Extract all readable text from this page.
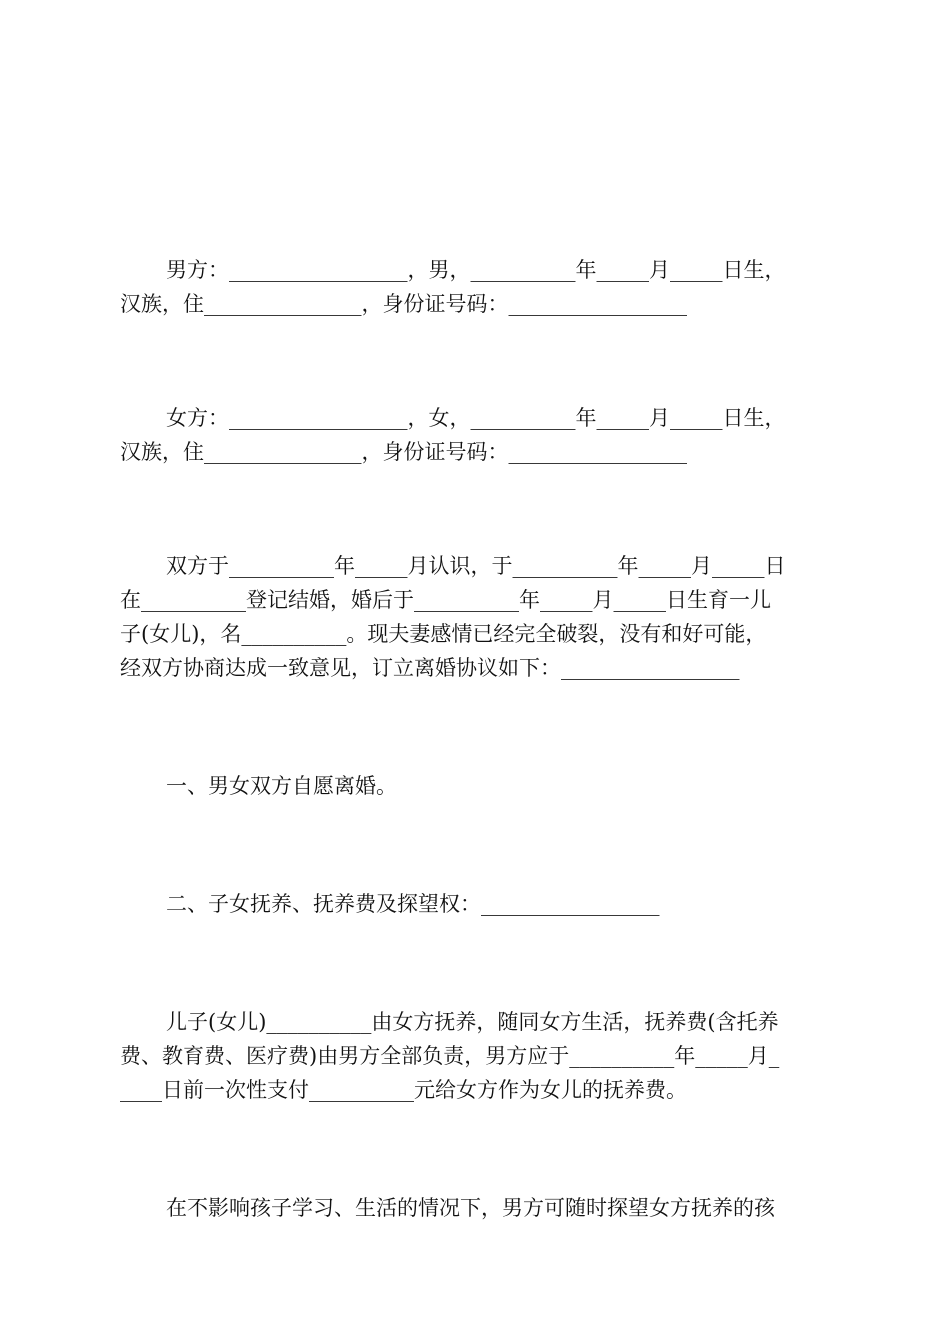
男方：_________________，男，__________年_____月_____日生，
汉族，住_______________，身份证号码：_________________
女方：_________________，女，__________年_____月_____日生，
汉族，住_______________，身份证号码：_________________
双方于__________年_____月认识，于__________年_____月_____日
在__________登记结婚，婚后于__________年_____月_____日生育一儿
子(女儿)，名__________。现夫妻感情已经完全破裂，没有和好可能，
经双方协商达成一致意见，订立离婚协议如下：_________________
一、男女双方自愿离婚。
二、子女抚养、抚养费及探望权：_________________
儿子(女儿)__________由女方抚养，随同女方生活，抚养费(含托养
费、教育费、医疗费)由男方全部负责，男方应于__________年_____月_
____日前一次性支付__________元给女方作为女儿的抚养费。
在不影响孩子学习、生活的情况下，男方可随时探望女方抚养的孩
